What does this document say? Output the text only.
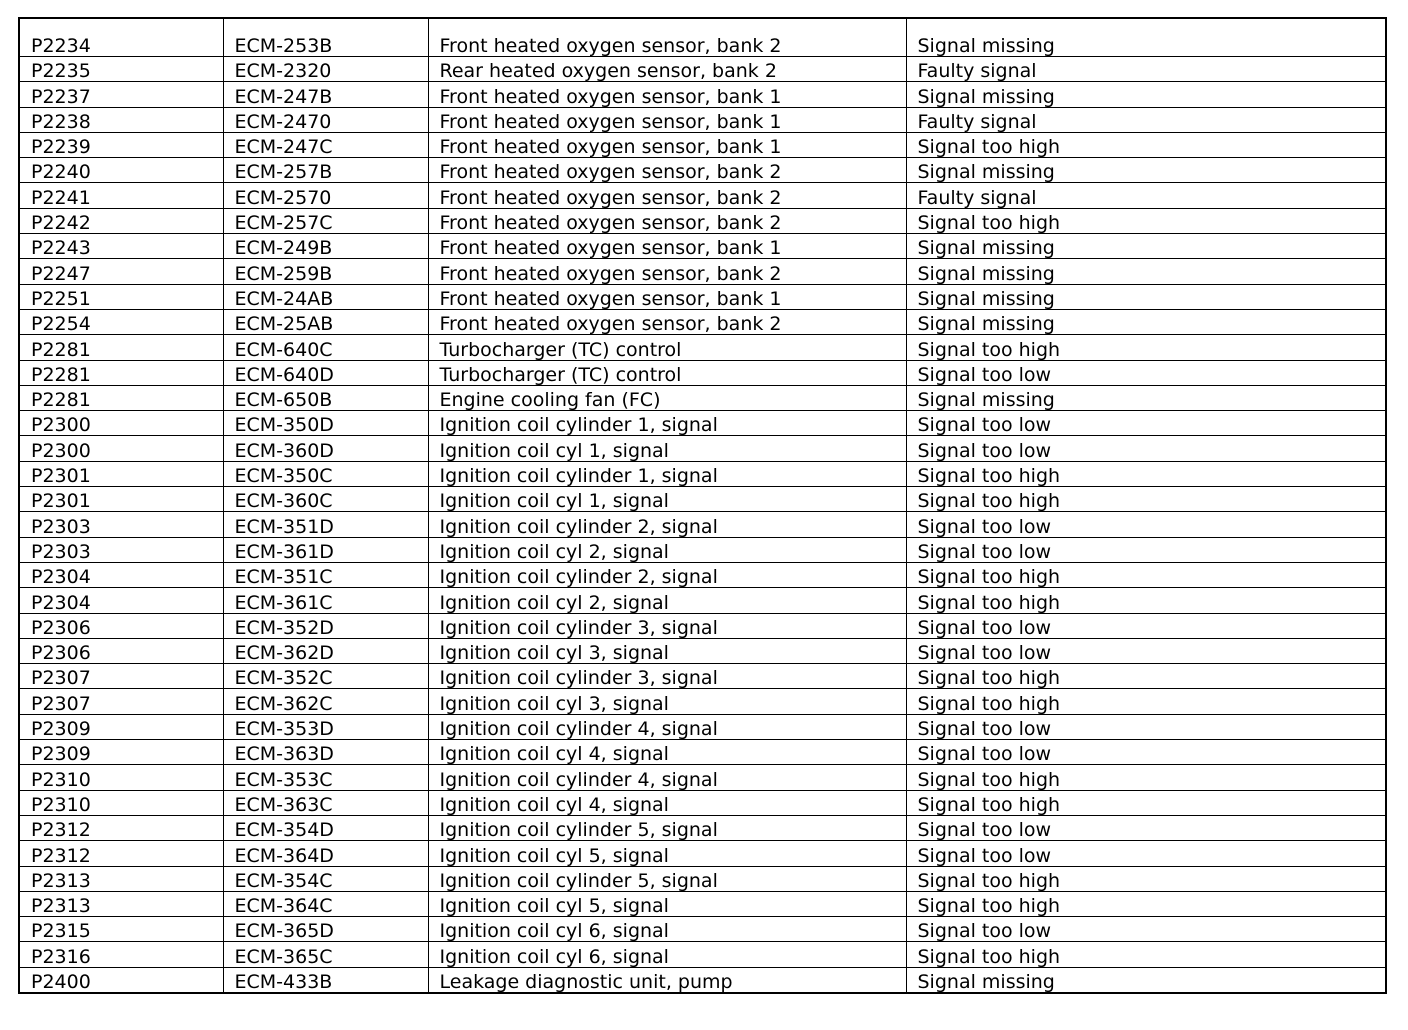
P2234	ECM-253B	Front heated oxygen sensor, bank 2	Signal missing
P2235	ECM-2320	Rear heated oxygen sensor, bank 2	Faulty signal
P2237	ECM-247B	Front heated oxygen sensor, bank 1	Signal missing
P2238	ECM-2470	Front heated oxygen sensor, bank 1	Faulty signal
P2239	ECM-247C	Front heated oxygen sensor, bank 1	Signal too high
P2240	ECM-257B	Front heated oxygen sensor, bank 2	Signal missing
P2241	ECM-2570	Front heated oxygen sensor, bank 2	Faulty signal
P2242	ECM-257C	Front heated oxygen sensor, bank 2	Signal too high
P2243	ECM-249B	Front heated oxygen sensor, bank 1	Signal missing
P2247	ECM-259B	Front heated oxygen sensor, bank 2	Signal missing
P2251	ECM-24AB	Front heated oxygen sensor, bank 1	Signal missing
P2254	ECM-25AB	Front heated oxygen sensor, bank 2	Signal missing
P2281	ECM-640C	Turbocharger (TC) control	Signal too high
P2281	ECM-640D	Turbocharger (TC) control	Signal too low
P2281	ECM-650B	Engine cooling fan (FC)	Signal missing
P2300	ECM-350D	Ignition coil cylinder 1, signal	Signal too low
P2300	ECM-360D	Ignition coil cyl 1, signal	Signal too low
P2301	ECM-350C	Ignition coil cylinder 1, signal	Signal too high
P2301	ECM-360C	Ignition coil cyl 1, signal	Signal too high
P2303	ECM-351D	Ignition coil cylinder 2, signal	Signal too low
P2303	ECM-361D	Ignition coil cyl 2, signal	Signal too low
P2304	ECM-351C	Ignition coil cylinder 2, signal	Signal too high
P2304	ECM-361C	Ignition coil cyl 2, signal	Signal too high
P2306	ECM-352D	Ignition coil cylinder 3, signal	Signal too low
P2306	ECM-362D	Ignition coil cyl 3, signal	Signal too low
P2307	ECM-352C	Ignition coil cylinder 3, signal	Signal too high
P2307	ECM-362C	Ignition coil cyl 3, signal	Signal too high
P2309	ECM-353D	Ignition coil cylinder 4, signal	Signal too low
P2309	ECM-363D	Ignition coil cyl 4, signal	Signal too low
P2310	ECM-353C	Ignition coil cylinder 4, signal	Signal too high
P2310	ECM-363C	Ignition coil cyl 4, signal	Signal too high
P2312	ECM-354D	Ignition coil cylinder 5, signal	Signal too low
P2312	ECM-364D	Ignition coil cyl 5, signal	Signal too low
P2313	ECM-354C	Ignition coil cylinder 5, signal	Signal too high
P2313	ECM-364C	Ignition coil cyl 5, signal	Signal too high
P2315	ECM-365D	Ignition coil cyl 6, signal	Signal too low
P2316	ECM-365C	Ignition coil cyl 6, signal	Signal too high
P2400	ECM-433B	Leakage diagnostic unit, pump	Signal missing
